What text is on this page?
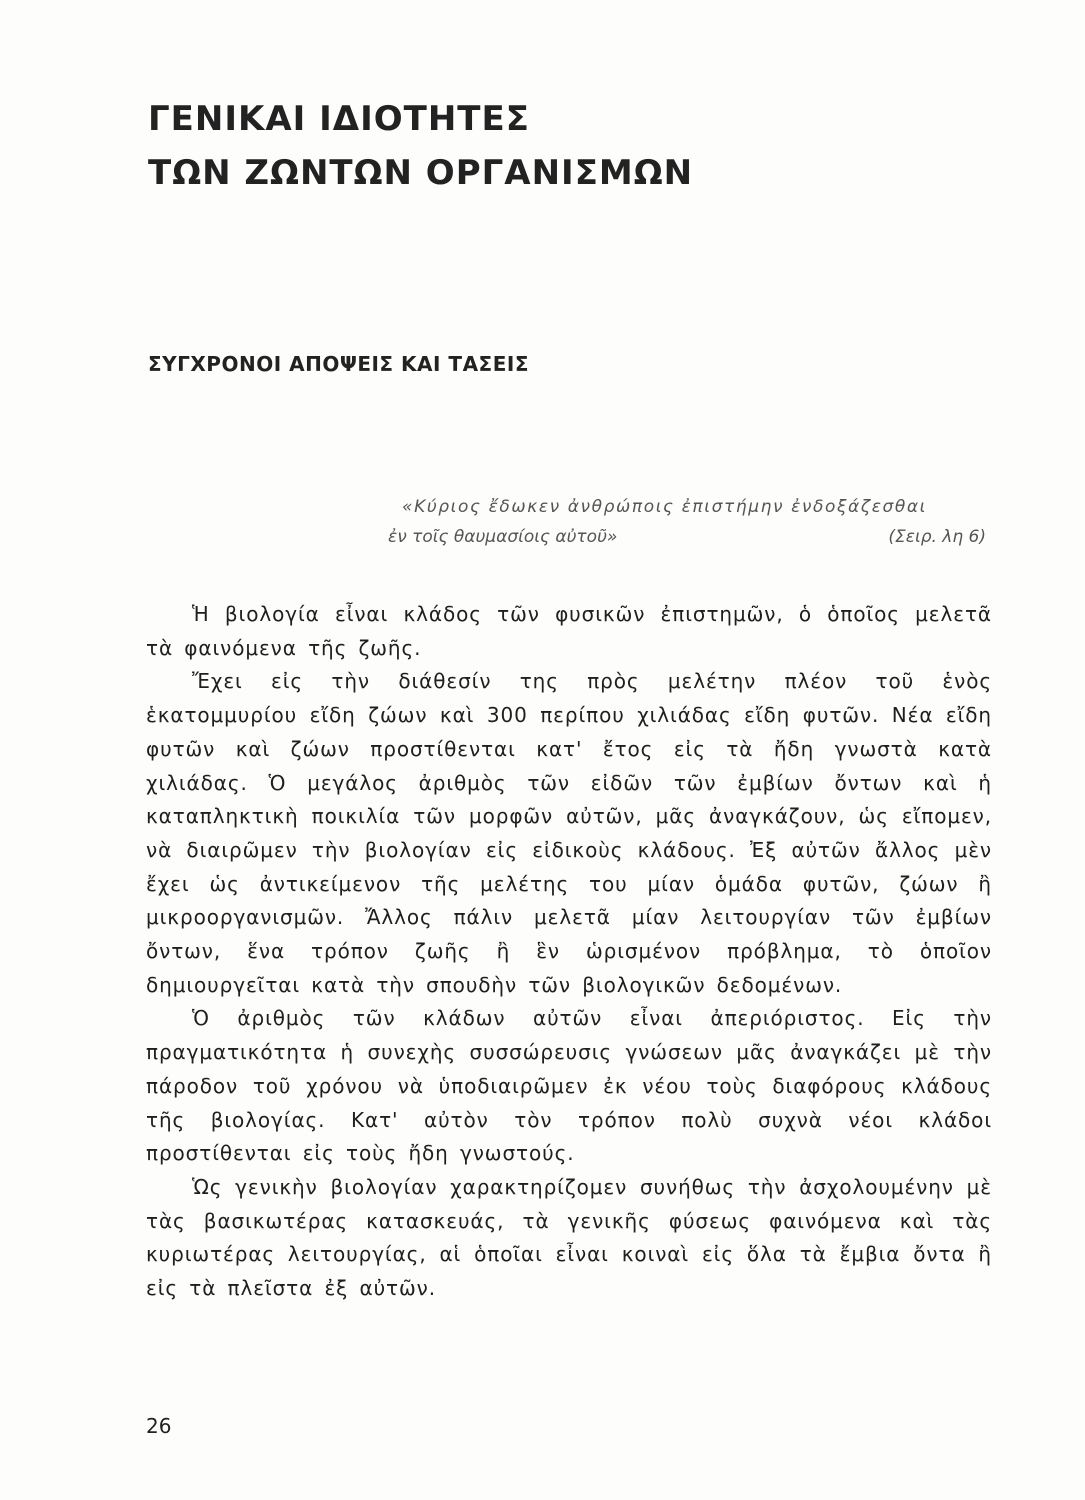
ΓΕΝΙΚΑΙ ΙΔΙΟΤΗΤΕΣ
ΤΩΝ ΖΩΝΤΩΝ ΟΡΓΑΝΙΣΜΩΝ
ΣΥΓΧΡΟΝΟΙ ΑΠΟΨΕΙΣ ΚΑΙ ΤΑΣΕΙΣ
«Κύριος ἔδωκεν ἀνθρώποις ἐπιστήμην ἐνδοξάζεσθαι
ἐν τοῖς θαυμασίοις αὐτοῦ»	(Σειρ. λη 6)

Ἡ βιολογία εἶναι κλάδος τῶν φυσικῶν ἐπιστημῶν, ὁ ὁποῖος μελετᾶ τὰ φαινόμενα τῆς ζωῆς.

Ἔχει εἰς τὴν διάθεσίν της πρὸς μελέτην πλέον τοῦ ἑνὸς ἑκατομμυρίου εἴδη ζώων καὶ 300 περίπου χιλιάδας εἴδη φυτῶν. Νέα εἴδη φυτῶν καὶ ζώων προστίθενται κατ' ἔτος εἰς τὰ ἤδη γνωστὰ κατὰ χιλιάδας. Ὁ μεγάλος ἀριθμὸς τῶν εἰδῶν τῶν ἐμβίων ὄντων καὶ ἡ καταπληκτικὴ ποικιλία τῶν μορφῶν αὐτῶν, μᾶς ἀναγκάζουν, ὡς εἴπομεν, νὰ διαιρῶμεν τὴν βιολογίαν εἰς εἰδικοὺς κλάδους. Ἐξ αὐτῶν ἄλλος μὲν ἔχει ὡς ἀντικείμενον τῆς μελέτης του μίαν ὁμάδα φυτῶν, ζώων ἢ μικροοργανισμῶν. Ἄλλος πάλιν μελετᾶ μίαν λειτουργίαν τῶν ἐμβίων ὄντων, ἕνα τρόπον ζωῆς ἢ ἓν ὡρισμένον πρόβλημα, τὸ ὁποῖον δημιουργεῖται κατὰ τὴν σπουδὴν τῶν βιολογικῶν δεδομένων.

Ὁ ἀριθμὸς τῶν κλάδων αὐτῶν εἶναι ἀπεριόριστος. Εἰς τὴν πραγματικότητα ἡ συνεχὴς συσσώρευσις γνώσεων μᾶς ἀναγκάζει μὲ τὴν πάροδον τοῦ χρόνου νὰ ὑποδιαιρῶμεν ἐκ νέου τοὺς διαφόρους κλάδους τῆς βιολογίας. Κατ' αὐτὸν τὸν τρόπον πολὺ συχνὰ νέοι κλάδοι προστίθενται εἰς τοὺς ἤδη γνωστούς.

Ὡς γενικὴν βιολογίαν χαρακτηρίζομεν συνήθως τὴν ἀσχολουμένην μὲ τὰς βασικωτέρας κατασκευάς, τὰ γενικῆς φύσεως φαινόμενα καὶ τὰς κυριωτέρας λειτουργίας, αἱ ὁποῖαι εἶναι κοιναὶ εἰς ὅλα τὰ ἔμβια ὄντα ἢ εἰς τὰ πλεῖστα ἐξ αὐτῶν.

26
